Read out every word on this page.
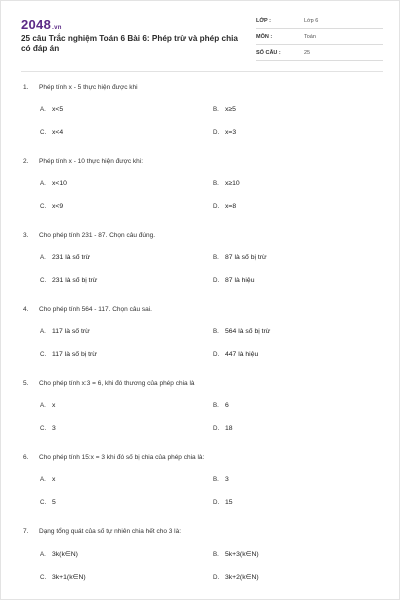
2048.vn
25 câu Trắc nghiệm Toán 6 Bài 6: Phép trừ và phép chia có đáp án
LỚP :	Lớp 6
MÔN :	Toán
SỐ CÂU :	25
1. Phép tính x - 5 thực hiện được khi
A. x<5	B. x≥5
C. x<4	D. x=3
2. Phép tính x - 10 thực hiện được khi:
A. x<10	B. x≥10
C. x<9	D. x=8
3. Cho phép tính 231 - 87. Chọn câu đúng.
A. 231 là số trừ	B. 87 là số bị trừ
C. 231 là số bị trừ	D. 87 là hiệu
4. Cho phép tính 564 - 117. Chọn câu sai.
A. 117 là số trừ	B. 564 là số bị trừ
C. 117 là số bị trừ	D. 447 là hiệu
5. Cho phép tính x:3 = 6, khi đó thương của phép chia là
A. x	B. 6
C. 3	D. 18
6. Cho phép tính 15:x = 3 khi đó số bị chia của phép chia là:
A. x	B. 3
C. 5	D. 15
7. Dạng tổng quát của số tự nhiên chia hết cho 3 là:
A. 3k(k∈N)	B. 5k+3(k∈N)
C. 3k+1(k∈N)	D. 3k+2(k∈N)
